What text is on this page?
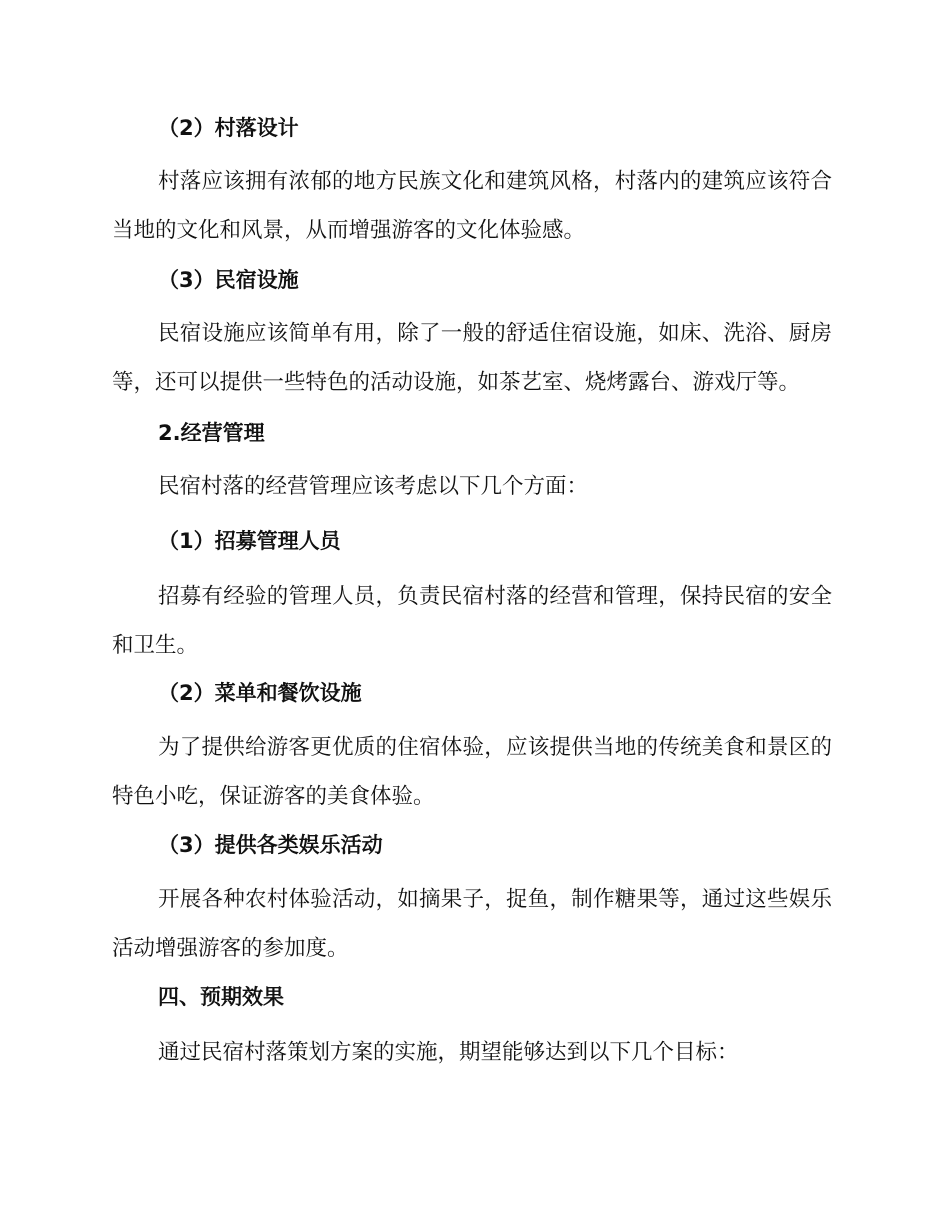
（2）村落设计
村落应该拥有浓郁的地方民族文化和建筑风格，村落内的建筑应该符合当地的文化和风景，从而增强游客的文化体验感。
（3）民宿设施
民宿设施应该简单有用，除了一般的舒适住宿设施，如床、洗浴、厨房等，还可以提供一些特色的活动设施，如茶艺室、烧烤露台、游戏厅等。
2.经营管理
民宿村落的经营管理应该考虑以下几个方面：
（1）招募管理人员
招募有经验的管理人员，负责民宿村落的经营和管理，保持民宿的安全和卫生。
（2）菜单和餐饮设施
为了提供给游客更优质的住宿体验，应该提供当地的传统美食和景区的特色小吃，保证游客的美食体验。
（3）提供各类娱乐活动
开展各种农村体验活动，如摘果子，捉鱼，制作糖果等，通过这些娱乐活动增强游客的参加度。
四、预期效果
通过民宿村落策划方案的实施，期望能够达到以下几个目标：
